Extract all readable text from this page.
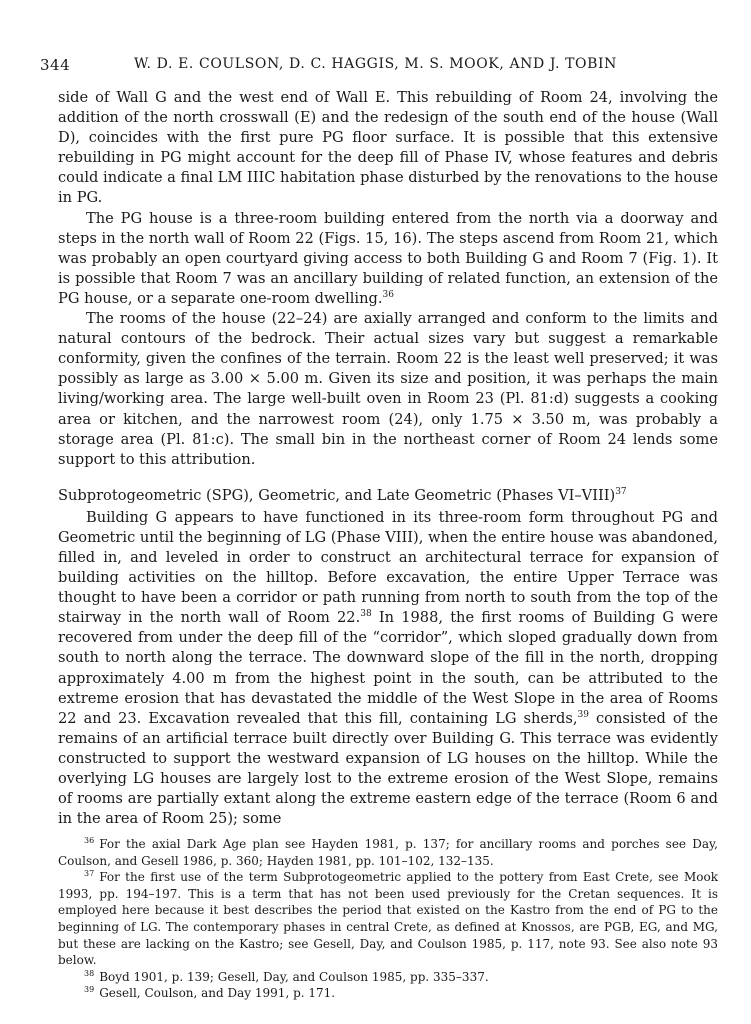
344	W. D. E. COULSON, D. C. HAGGIS, M. S. MOOK, AND J. TOBIN

side of Wall G and the west end of Wall E. This rebuilding of Room 24, involving the addition of the north crosswall (E) and the redesign of the south end of the house (Wall D), coincides with the first pure PG floor surface. It is possible that this extensive rebuilding in PG might account for the deep fill of Phase IV, whose features and debris could indicate a final LM IIIC habitation phase disturbed by the renovations to the house in PG.

The PG house is a three-room building entered from the north via a doorway and steps in the north wall of Room 22 (Figs. 15, 16). The steps ascend from Room 21, which was probably an open courtyard giving access to both Building G and Room 7 (Fig. 1). It is possible that Room 7 was an ancillary building of related function, an extension of the PG house, or a separate one-room dwelling.$^{36}$

The rooms of the house (22–24) are axially arranged and conform to the limits and natural contours of the bedrock. Their actual sizes vary but suggest a remarkable conformity, given the confines of the terrain. Room 22 is the least well preserved; it was possibly as large as 3.00 × 5.00 m. Given its size and position, it was perhaps the main living/working area. The large well-built oven in Room 23 (Pl. 81:d) suggests a cooking area or kitchen, and the narrowest room (24), only 1.75 × 3.50 m, was probably a storage area (Pl. 81:c). The small bin in the northeast corner of Room 24 lends some support to this attribution.

Subprotogeometric (SPG), Geometric, and Late Geometric (Phases VI–VIII)$^{37}$

Building G appears to have functioned in its three-room form throughout PG and Geometric until the beginning of LG (Phase VIII), when the entire house was abandoned, filled in, and leveled in order to construct an architectural terrace for expansion of building activities on the hilltop. Before excavation, the entire Upper Terrace was thought to have been a corridor or path running from north to south from the top of the stairway in the north wall of Room 22.38 In 1988, the first rooms of Building G were recovered from under the deep fill of the “corridor”, which sloped gradually down from south to north along the terrace. The downward slope of the fill in the north, dropping approximately 4.00 m from the highest point in the south, can be attributed to the extreme erosion that has devastated the middle of the West Slope in the area of Rooms 22 and 23. Excavation revealed that this fill, containing LG sherds,$^{39}$ consisted of the remains of an artificial terrace built directly over Building G. This terrace was evidently constructed to support the westward expansion of LG houses on the hilltop. While the overlying LG houses are largely lost to the extreme erosion of the West Slope, remains of rooms are partially extant along the extreme eastern edge of the terrace (Room 6 and in the area of Room 25); some

$^{36}$ For the axial Dark Age plan see Hayden 1981, p. 137; for ancillary rooms and porches see Day, Coulson, and Gesell 1986, p. 360; Hayden 1981, pp. 101–102, 132–135.

$^{37}$ For the first use of the term Subprotogeometric applied to the pottery from East Crete, see Mook 1993, pp. 194–197. This is a term that has not been used previously for the Cretan sequences. It is employed here because it best describes the period that existed on the Kastro from the end of PG to the beginning of LG. The contemporary phases in central Crete, as defined at Knossos, are PGB, EG, and MG, but these are lacking on the Kastro; see Gesell, Day, and Coulson 1985, p. 117, note 93. See also note 93 below.

$^{38}$ Boyd 1901, p. 139; Gesell, Day, and Coulson 1985, pp. 335–337.

$^{39}$ Gesell, Coulson, and Day 1991, p. 171.
